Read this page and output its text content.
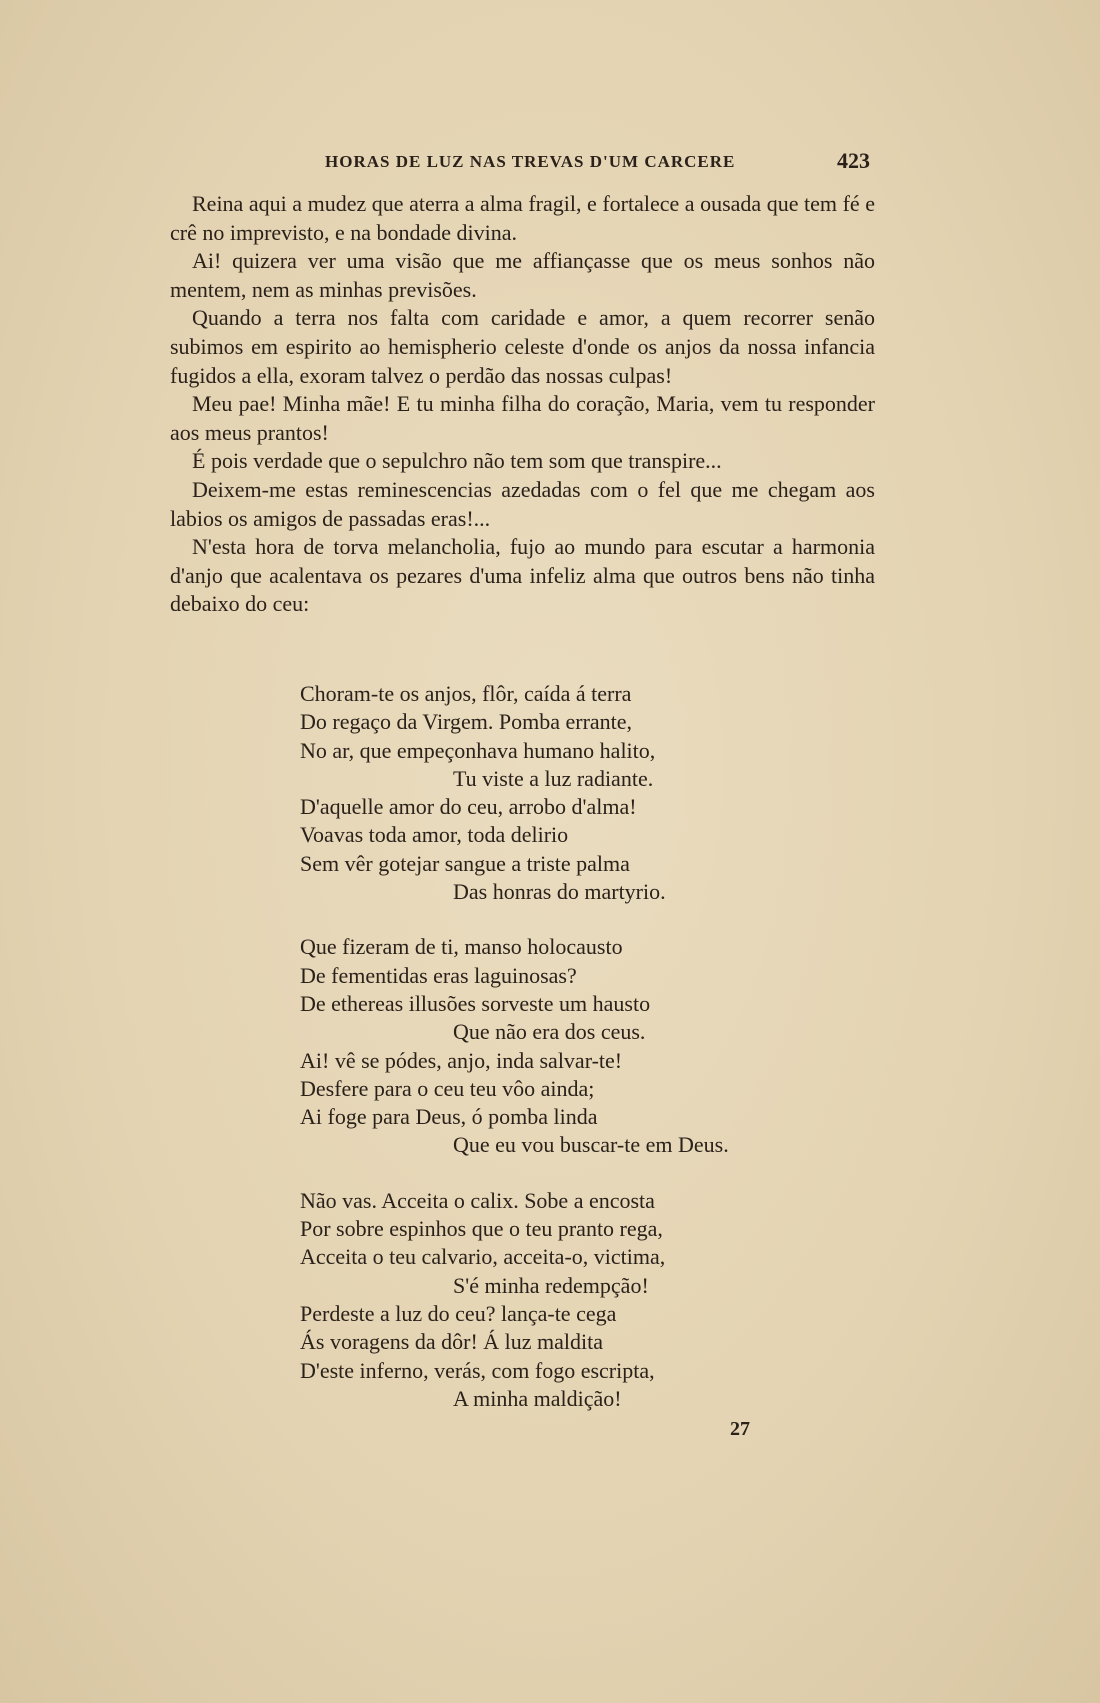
HORAS DE LUZ NAS TREVAS D'UM CARCERE	423

Reina aqui a mudez que aterra a alma fragil, e fortalece a ousada que tem fé e crê no imprevisto, e na bondade divina.

Ai! quizera ver uma visão que me affiançasse que os meus sonhos não mentem, nem as minhas previsões.

Quando a terra nos falta com caridade e amor, a quem recorrer senão subimos em espirito ao hemispherio celeste d'onde os anjos da nossa infancia fugidos a ella, exoram talvez o perdão das nossas culpas!

Meu pae! Minha mãe! E tu minha filha do coração, Maria, vem tu responder aos meus prantos!

É pois verdade que o sepulchro não tem som que transpire...

Deixem-me estas reminescencias azedadas com o fel que me chegam aos labios os amigos de passadas eras!...

N'esta hora de torva melancholia, fujo ao mundo para escutar a harmonia d'anjo que acalentava os pezares d'uma infeliz alma que outros bens não tinha debaixo do ceu:

Choram-te os anjos, flôr, caída á terra
Do regaço da Virgem. Pomba errante,
No ar, que empeçonhava humano halito,
Tu viste a luz radiante.
D'aquelle amor do ceu, arrobo d'alma!
Voavas toda amor, toda delirio
Sem vêr gotejar sangue a triste palma
Das honras do martyrio.
Que fizeram de ti, manso holocausto
De fementidas eras laguinosas?
De ethereas illusões sorveste um hausto
Que não era dos ceus.
Ai! vê se pódes, anjo, inda salvar-te!
Desfere para o ceu teu vôo ainda;
Ai foge para Deus, ó pomba linda
Que eu vou buscar-te em Deus.
Não vas. Acceita o calix. Sobe a encosta
Por sobre espinhos que o teu pranto rega,
Acceita o teu calvario, acceita-o, victima,
S'é minha redempção!
Perdeste a luz do ceu? lança-te cega
Ás voragens da dôr! Á luz maldita
D'este inferno, verás, com fogo escripta,
A minha maldição!
27
